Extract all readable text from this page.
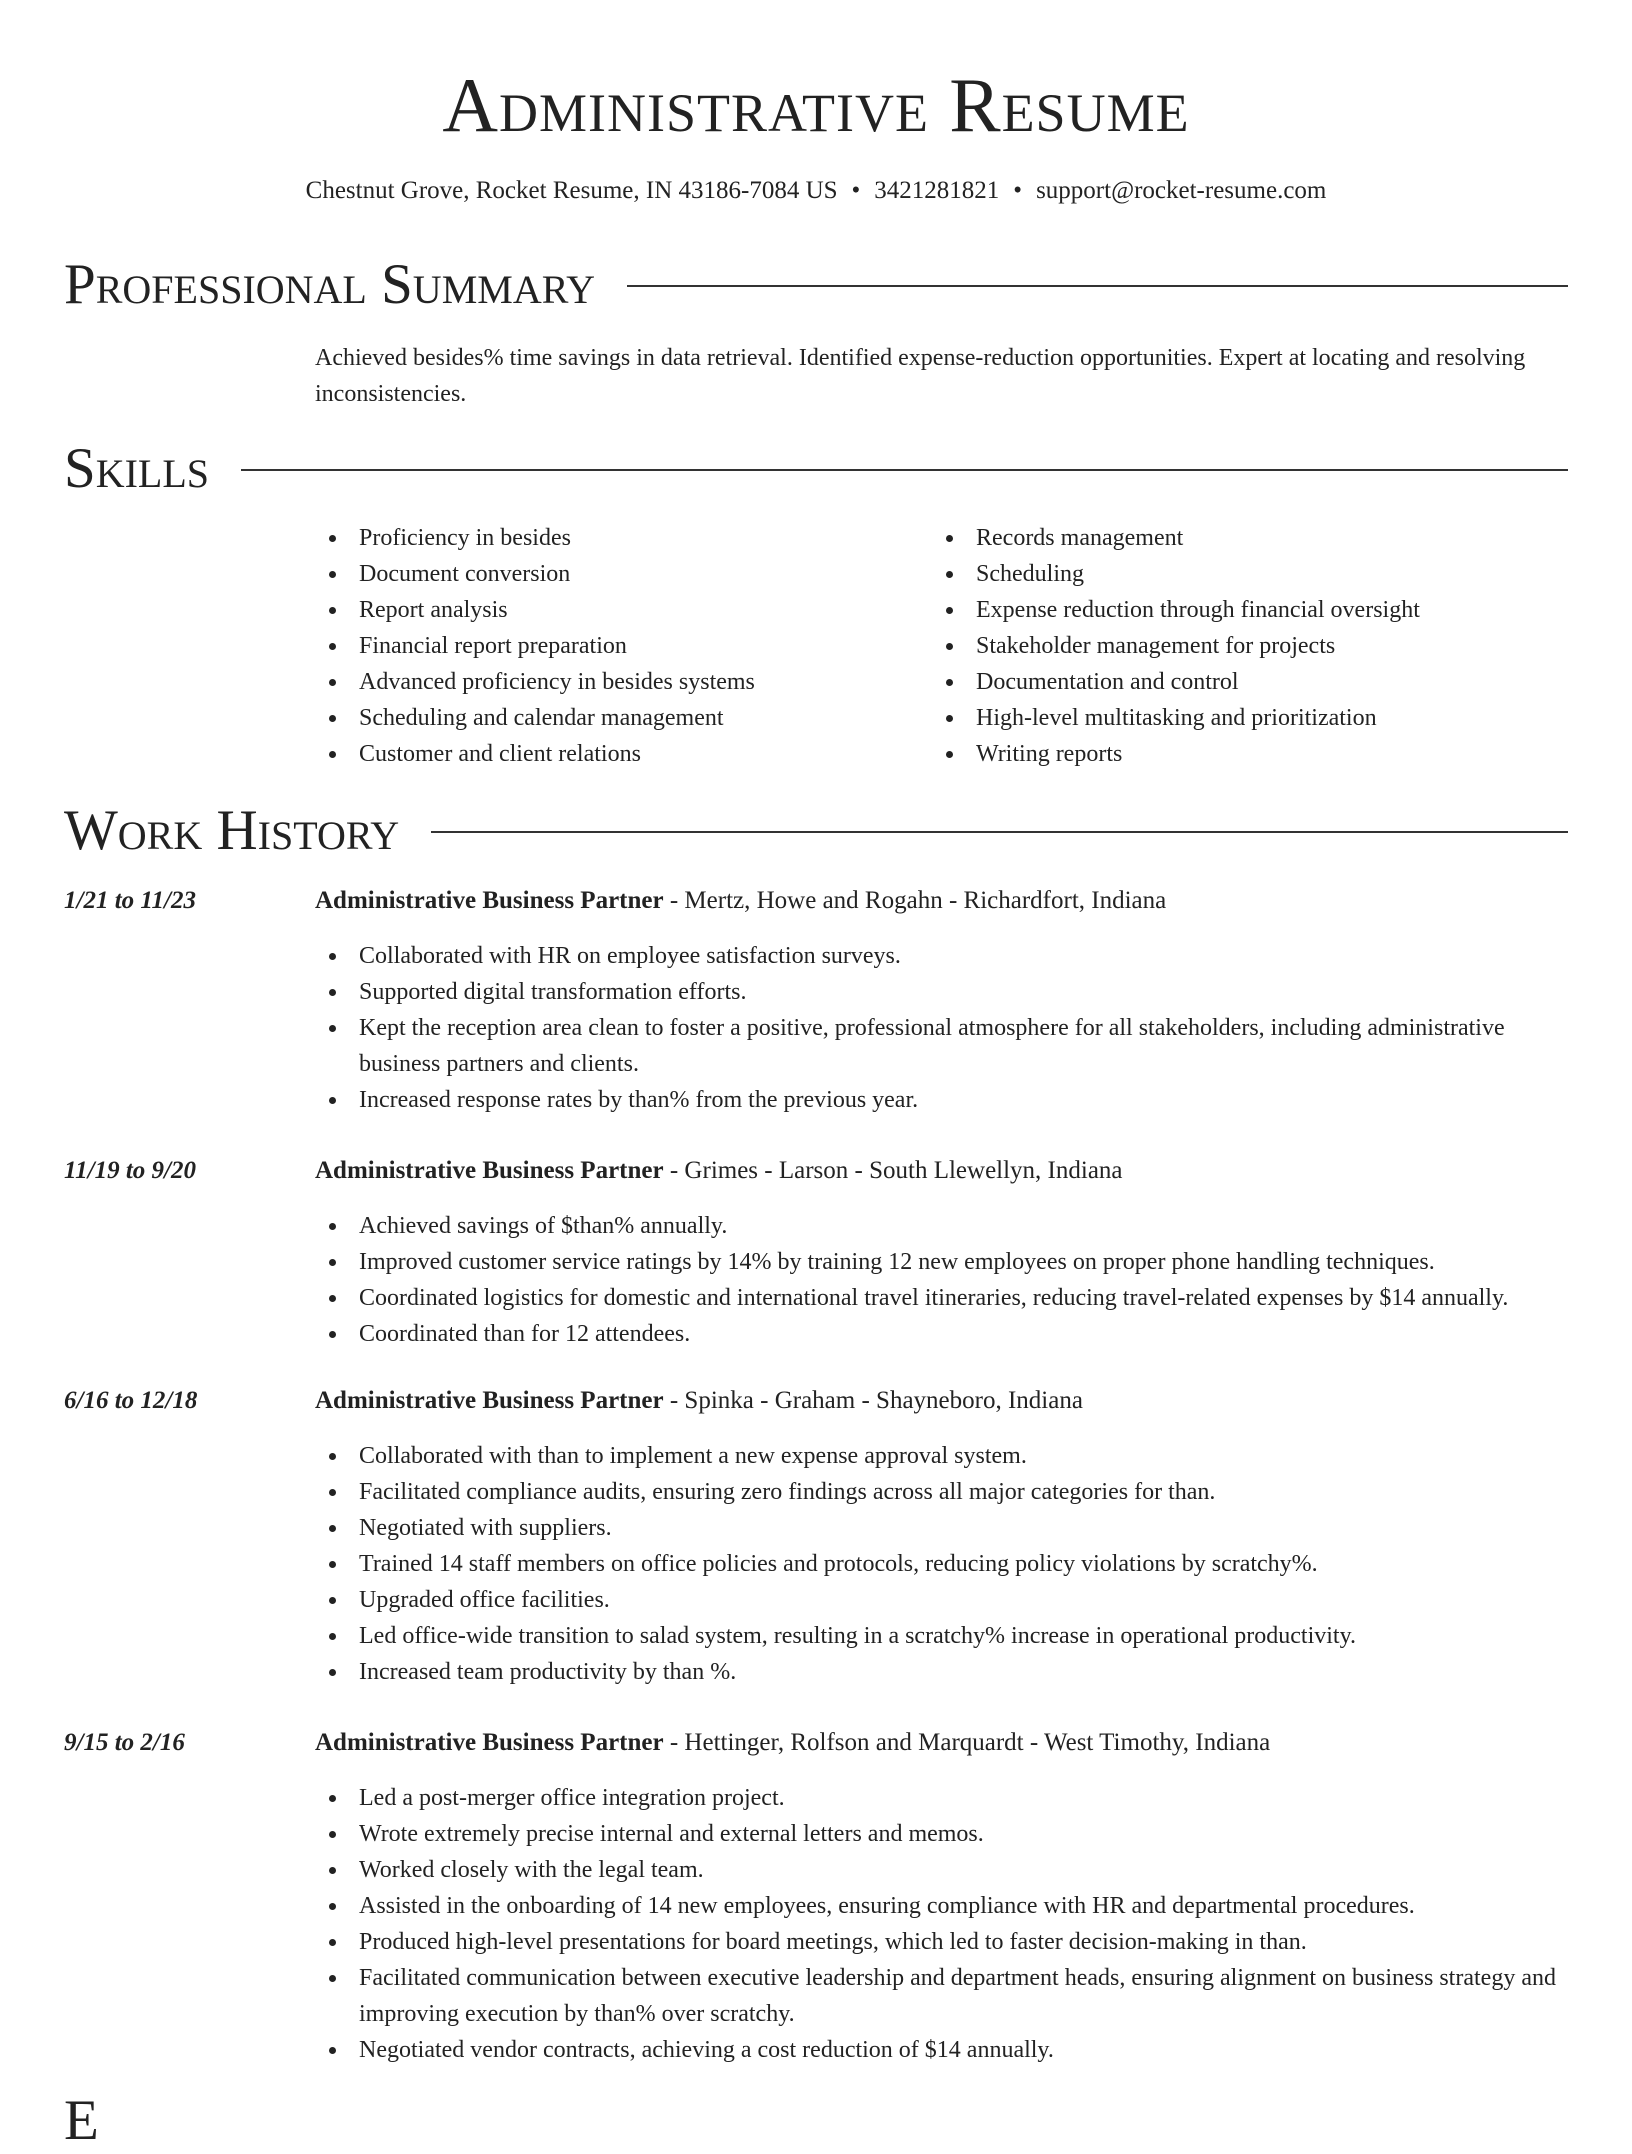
Administrative Resume
Chestnut Grove, Rocket Resume, IN 43186-7084 US • 3421281821 • support@rocket-resume.com
Professional Summary
Achieved besides% time savings in data retrieval. Identified expense-reduction opportunities. Expert at locating and resolving inconsistencies.
Skills
Proficiency in besides
Document conversion
Report analysis
Financial report preparation
Advanced proficiency in besides systems
Scheduling and calendar management
Customer and client relations
Records management
Scheduling
Expense reduction through financial oversight
Stakeholder management for projects
Documentation and control
High-level multitasking and prioritization
Writing reports
Work History
1/21 to 11/23	Administrative Business Partner - Mertz, Howe and Rogahn - Richardfort, Indiana
Collaborated with HR on employee satisfaction surveys.
Supported digital transformation efforts.
Kept the reception area clean to foster a positive, professional atmosphere for all stakeholders, including administrative business partners and clients.
Increased response rates by than% from the previous year.
11/19 to 9/20	Administrative Business Partner - Grimes - Larson - South Llewellyn, Indiana
Achieved savings of $than% annually.
Improved customer service ratings by 14% by training 12 new employees on proper phone handling techniques.
Coordinated logistics for domestic and international travel itineraries, reducing travel-related expenses by $14 annually.
Coordinated than for 12 attendees.
6/16 to 12/18	Administrative Business Partner - Spinka - Graham - Shayneboro, Indiana
Collaborated with than to implement a new expense approval system.
Facilitated compliance audits, ensuring zero findings across all major categories for than.
Negotiated with suppliers.
Trained 14 staff members on office policies and protocols, reducing policy violations by scratchy%.
Upgraded office facilities.
Led office-wide transition to salad system, resulting in a scratchy% increase in operational productivity.
Increased team productivity by than %.
9/15 to 2/16	Administrative Business Partner - Hettinger, Rolfson and Marquardt - West Timothy, Indiana
Led a post-merger office integration project.
Wrote extremely precise internal and external letters and memos.
Worked closely with the legal team.
Assisted in the onboarding of 14 new employees, ensuring compliance with HR and departmental procedures.
Produced high-level presentations for board meetings, which led to faster decision-making in than.
Facilitated communication between executive leadership and department heads, ensuring alignment on business strategy and improving execution by than% over scratchy.
Negotiated vendor contracts, achieving a cost reduction of $14 annually.
E
